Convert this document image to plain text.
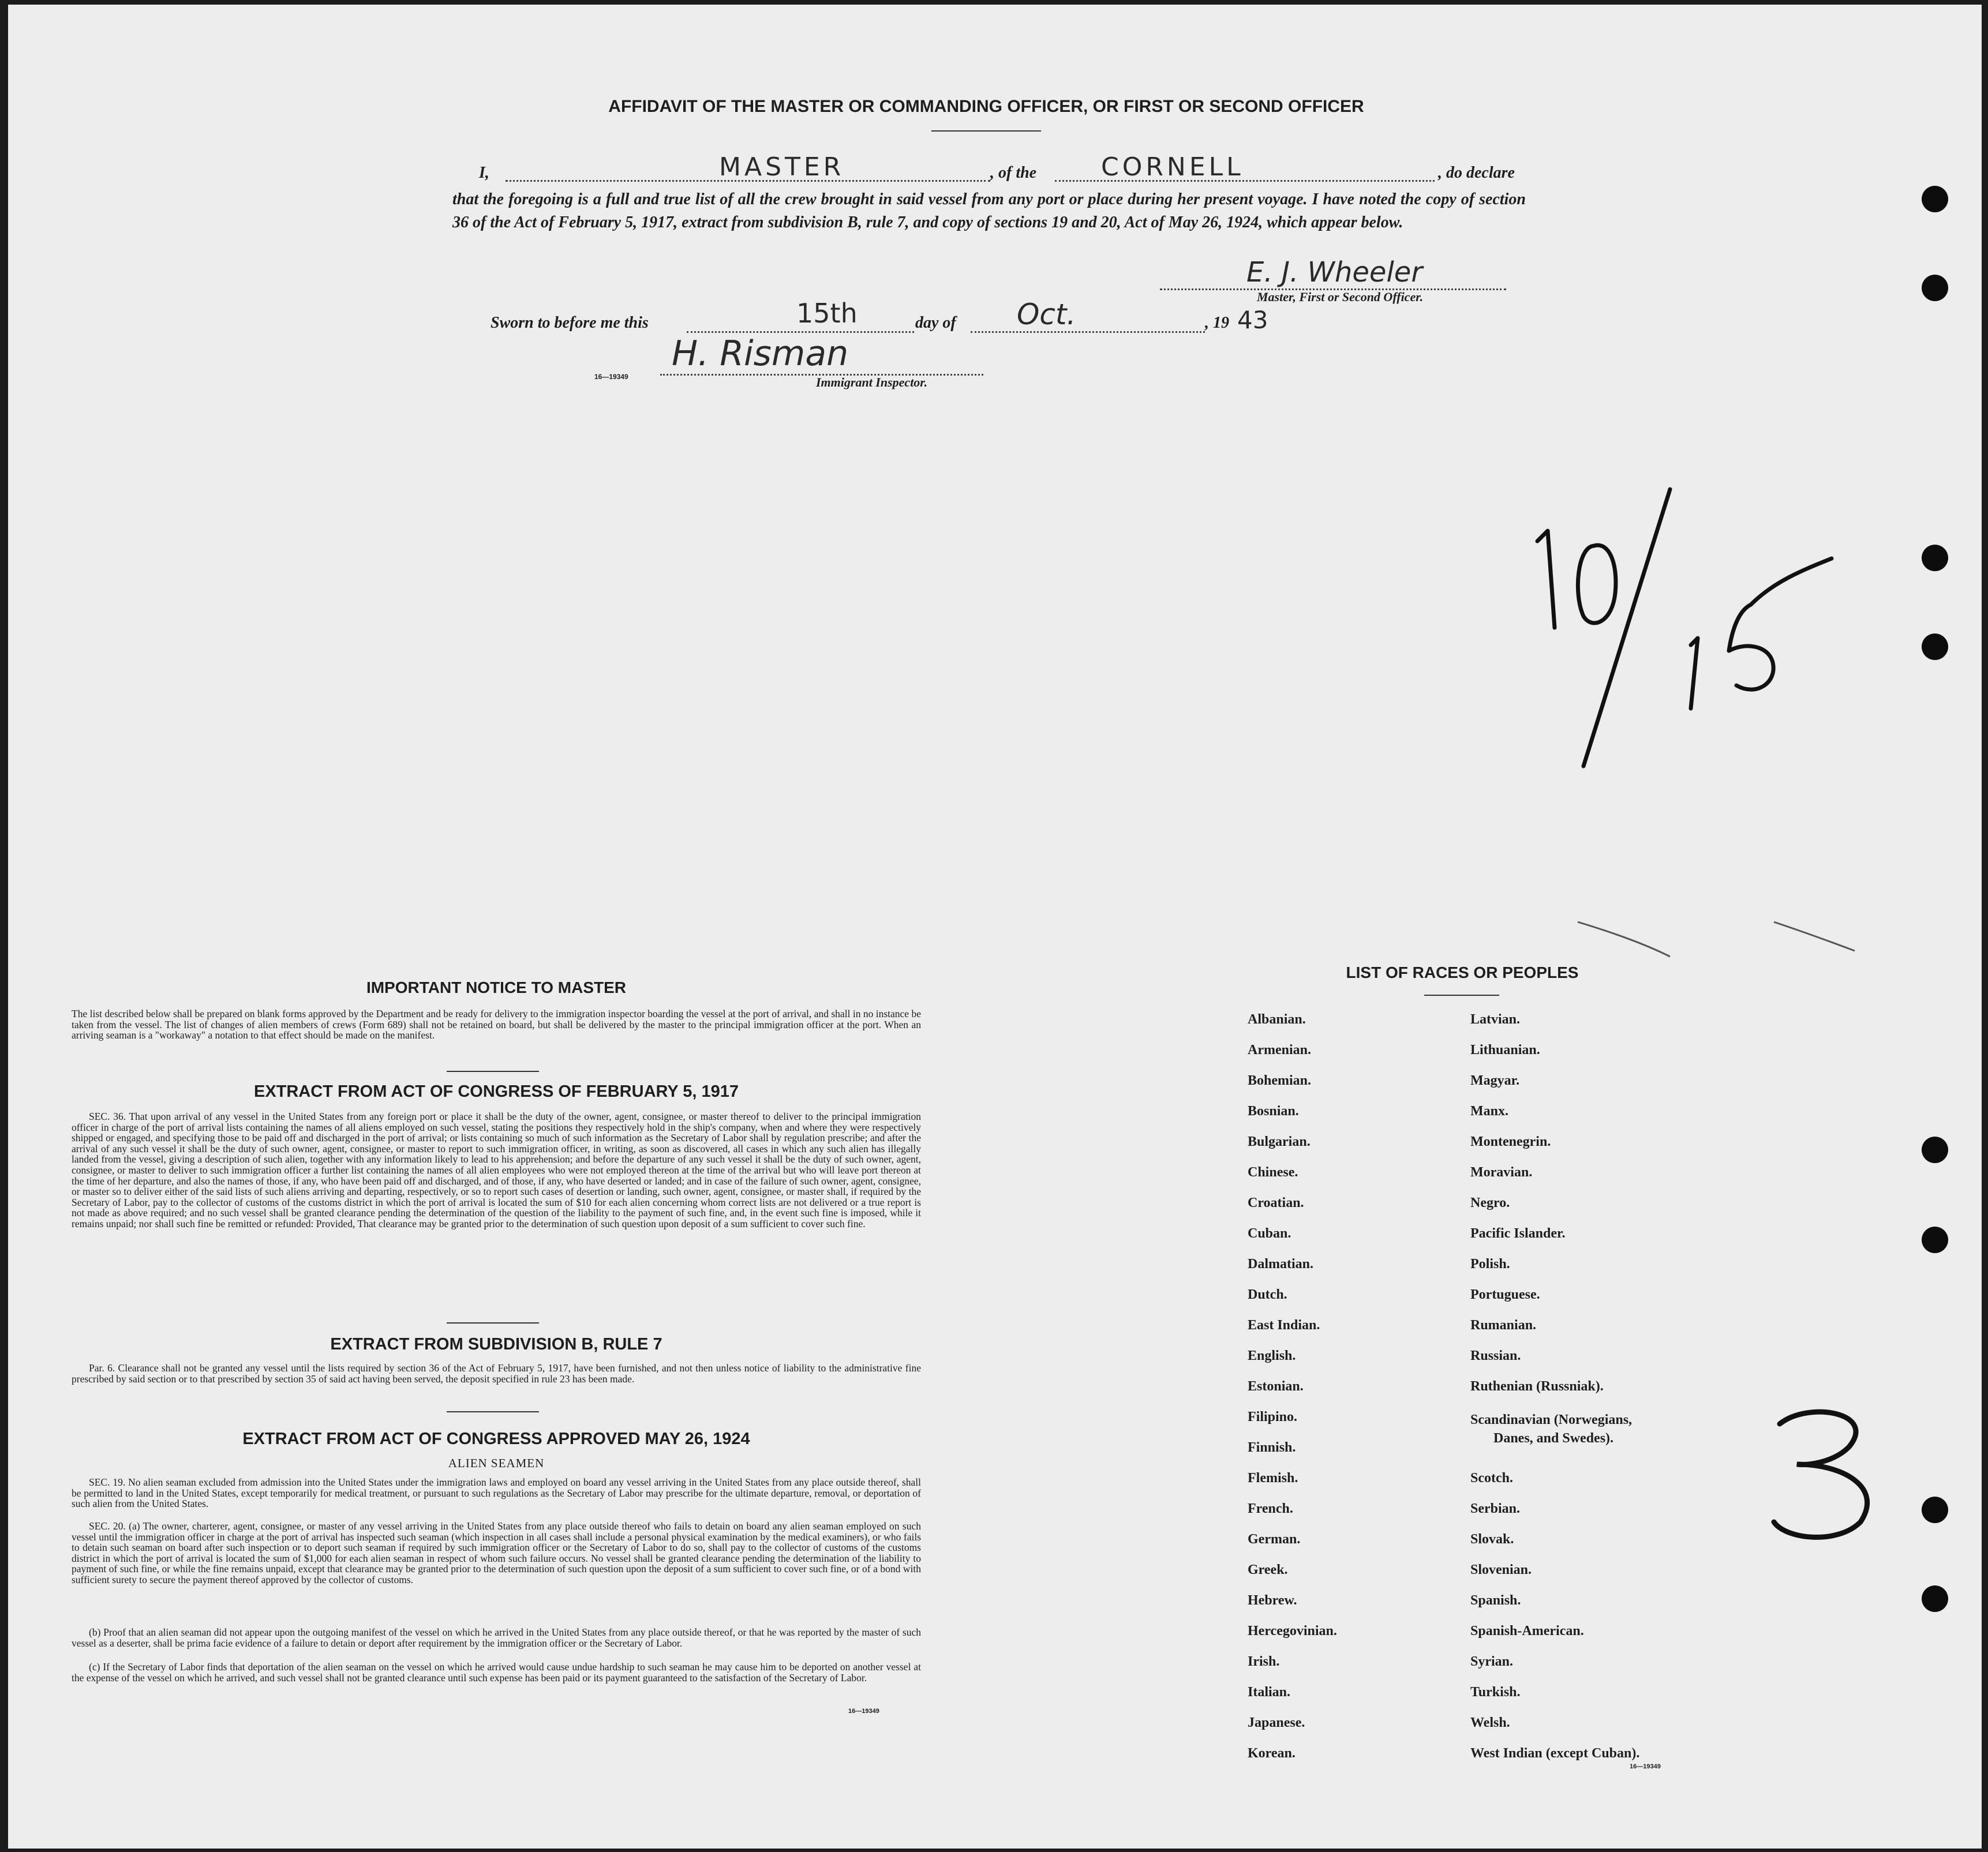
AFFIDAVIT OF THE MASTER OR COMMANDING OFFICER, OR FIRST OR SECOND OFFICER
I,	MASTER	, of the	CORNELL	, do declare
that the foregoing is a full and true list of all the crew brought in said vessel from any port or place during her present voyage. I have noted the copy of section 36 of the Act of February 5, 1917, extract from subdivision B, rule 7, and copy of sections 19 and 20, Act of May 26, 1924, which appear below.
E. J. Wheeler
Master, First or Second Officer.
Sworn to before me this	15th	day of Oct.	, 19 43
H. Risman
16—19349	Immigrant Inspector.
IMPORTANT NOTICE TO MASTER
The list described below shall be prepared on blank forms approved by the Department and be ready for delivery to the immigration inspector boarding the vessel at the port of arrival, and shall in no instance be taken from the vessel. The list of changes of alien members of crews (Form 689) shall not be retained on board, but shall be delivered by the master to the principal immigration officer at the port. When an arriving seaman is a "workaway" a notation to that effect should be made on the manifest.
EXTRACT FROM ACT OF CONGRESS OF FEBRUARY 5, 1917
SEC. 36. That upon arrival of any vessel in the United States from any foreign port or place it shall be the duty of the owner, agent, consignee, or master thereof to deliver to the principal immigration officer in charge of the port of arrival lists containing the names of all aliens employed on such vessel, stating the positions they respectively hold in the ship's company, when and where they were respectively shipped or engaged, and specifying those to be paid off and discharged in the port of arrival; or lists containing so much of such information as the Secretary of Labor shall by regulation prescribe; and after the arrival of any such vessel it shall be the duty of such owner, agent, consignee, or master to report to such immigration officer, in writing, as soon as discovered, all cases in which any such alien has illegally landed from the vessel, giving a description of such alien, together with any information likely to lead to his apprehension; and before the departure of any such vessel it shall be the duty of such owner, agent, consignee, or master to deliver to such immigration officer a further list containing the names of all alien employees who were not employed thereon at the time of the arrival but who will leave port thereon at the time of her departure, and also the names of those, if any, who have been paid off and discharged, and of those, if any, who have deserted or landed; and in case of the failure of such owner, agent, consignee, or master so to deliver either of the said lists of such aliens arriving and departing, respectively, or so to report such cases of desertion or landing, such owner, agent, consignee, or master shall, if required by the Secretary of Labor, pay to the collector of customs of the customs district in which the port of arrival is located the sum of $10 for each alien concerning whom correct lists are not delivered or a true report is not made as above required; and no such vessel shall be granted clearance pending the determination of the question of the liability to the payment of such fine, and, in the event such fine is imposed, while it remains unpaid; nor shall such fine be remitted or refunded: Provided, That clearance may be granted prior to the determination of such question upon deposit of a sum sufficient to cover such fine.
EXTRACT FROM SUBDIVISION B, RULE 7
Par. 6. Clearance shall not be granted any vessel until the lists required by section 36 of the Act of February 5, 1917, have been furnished, and not then unless notice of liability to the administrative fine prescribed by said section or to that prescribed by section 35 of said act having been served, the deposit specified in rule 23 has been made.
EXTRACT FROM ACT OF CONGRESS APPROVED MAY 26, 1924
ALIEN SEAMEN
SEC. 19. No alien seaman excluded from admission into the United States under the immigration laws and employed on board any vessel arriving in the United States from any place outside thereof, shall be permitted to land in the United States, except temporarily for medical treatment, or pursuant to such regulations as the Secretary of Labor may prescribe for the ultimate departure, removal, or deportation of such alien from the United States.
SEC. 20. (a) The owner, charterer, agent, consignee, or master of any vessel arriving in the United States from any place outside thereof who fails to detain on board any alien seaman employed on such vessel until the immigration officer in charge at the port of arrival has inspected such seaman (which inspection in all cases shall include a personal physical examination by the medical examiners), or who fails to detain such seaman on board after such inspection or to deport such seaman if required by such immigration officer or the Secretary of Labor to do so, shall pay to the collector of customs of the customs district in which the port of arrival is located the sum of $1,000 for each alien seaman in respect of whom such failure occurs. No vessel shall be granted clearance pending the determination of the liability to payment of such fine, or while the fine remains unpaid, except that clearance may be granted prior to the determination of such question upon the deposit of a sum sufficient to cover such fine, or of a bond with sufficient surety to secure the payment thereof approved by the collector of customs.
(b) Proof that an alien seaman did not appear upon the outgoing manifest of the vessel on which he arrived in the United States from any place outside thereof, or that he was reported by the master of such vessel as a deserter, shall be prima facie evidence of a failure to detain or deport after requirement by the immigration officer or the Secretary of Labor.
(c) If the Secretary of Labor finds that deportation of the alien seaman on the vessel on which he arrived would cause undue hardship to such seaman he may cause him to be deported on another vessel at the expense of the vessel on which he arrived, and such vessel shall not be granted clearance until such expense has been paid or its payment guaranteed to the satisfaction of the Secretary of Labor.
16—19349
LIST OF RACES OR PEOPLES
Albanian.
Armenian.
Bohemian.
Bosnian.
Bulgarian.
Chinese.
Croatian.
Cuban.
Dalmatian.
Dutch.
East Indian.
English.
Estonian.
Filipino.
Finnish.
Flemish.
French.
German.
Greek.
Hebrew.
Hercegovinian.
Irish.
Italian.
Japanese.
Korean.
Latvian.
Lithuanian.
Magyar.
Manx.
Montenegrin.
Moravian.
Negro.
Pacific Islander.
Polish.
Portuguese.
Rumanian.
Russian.
Ruthenian (Russniak).
Scandinavian (Norwegians,
Danes, and Swedes).
Scotch.
Serbian.
Slovak.
Slovenian.
Spanish.
Spanish-American.
Syrian.
Turkish.
Welsh.
West Indian (except Cuban).
16—19349
